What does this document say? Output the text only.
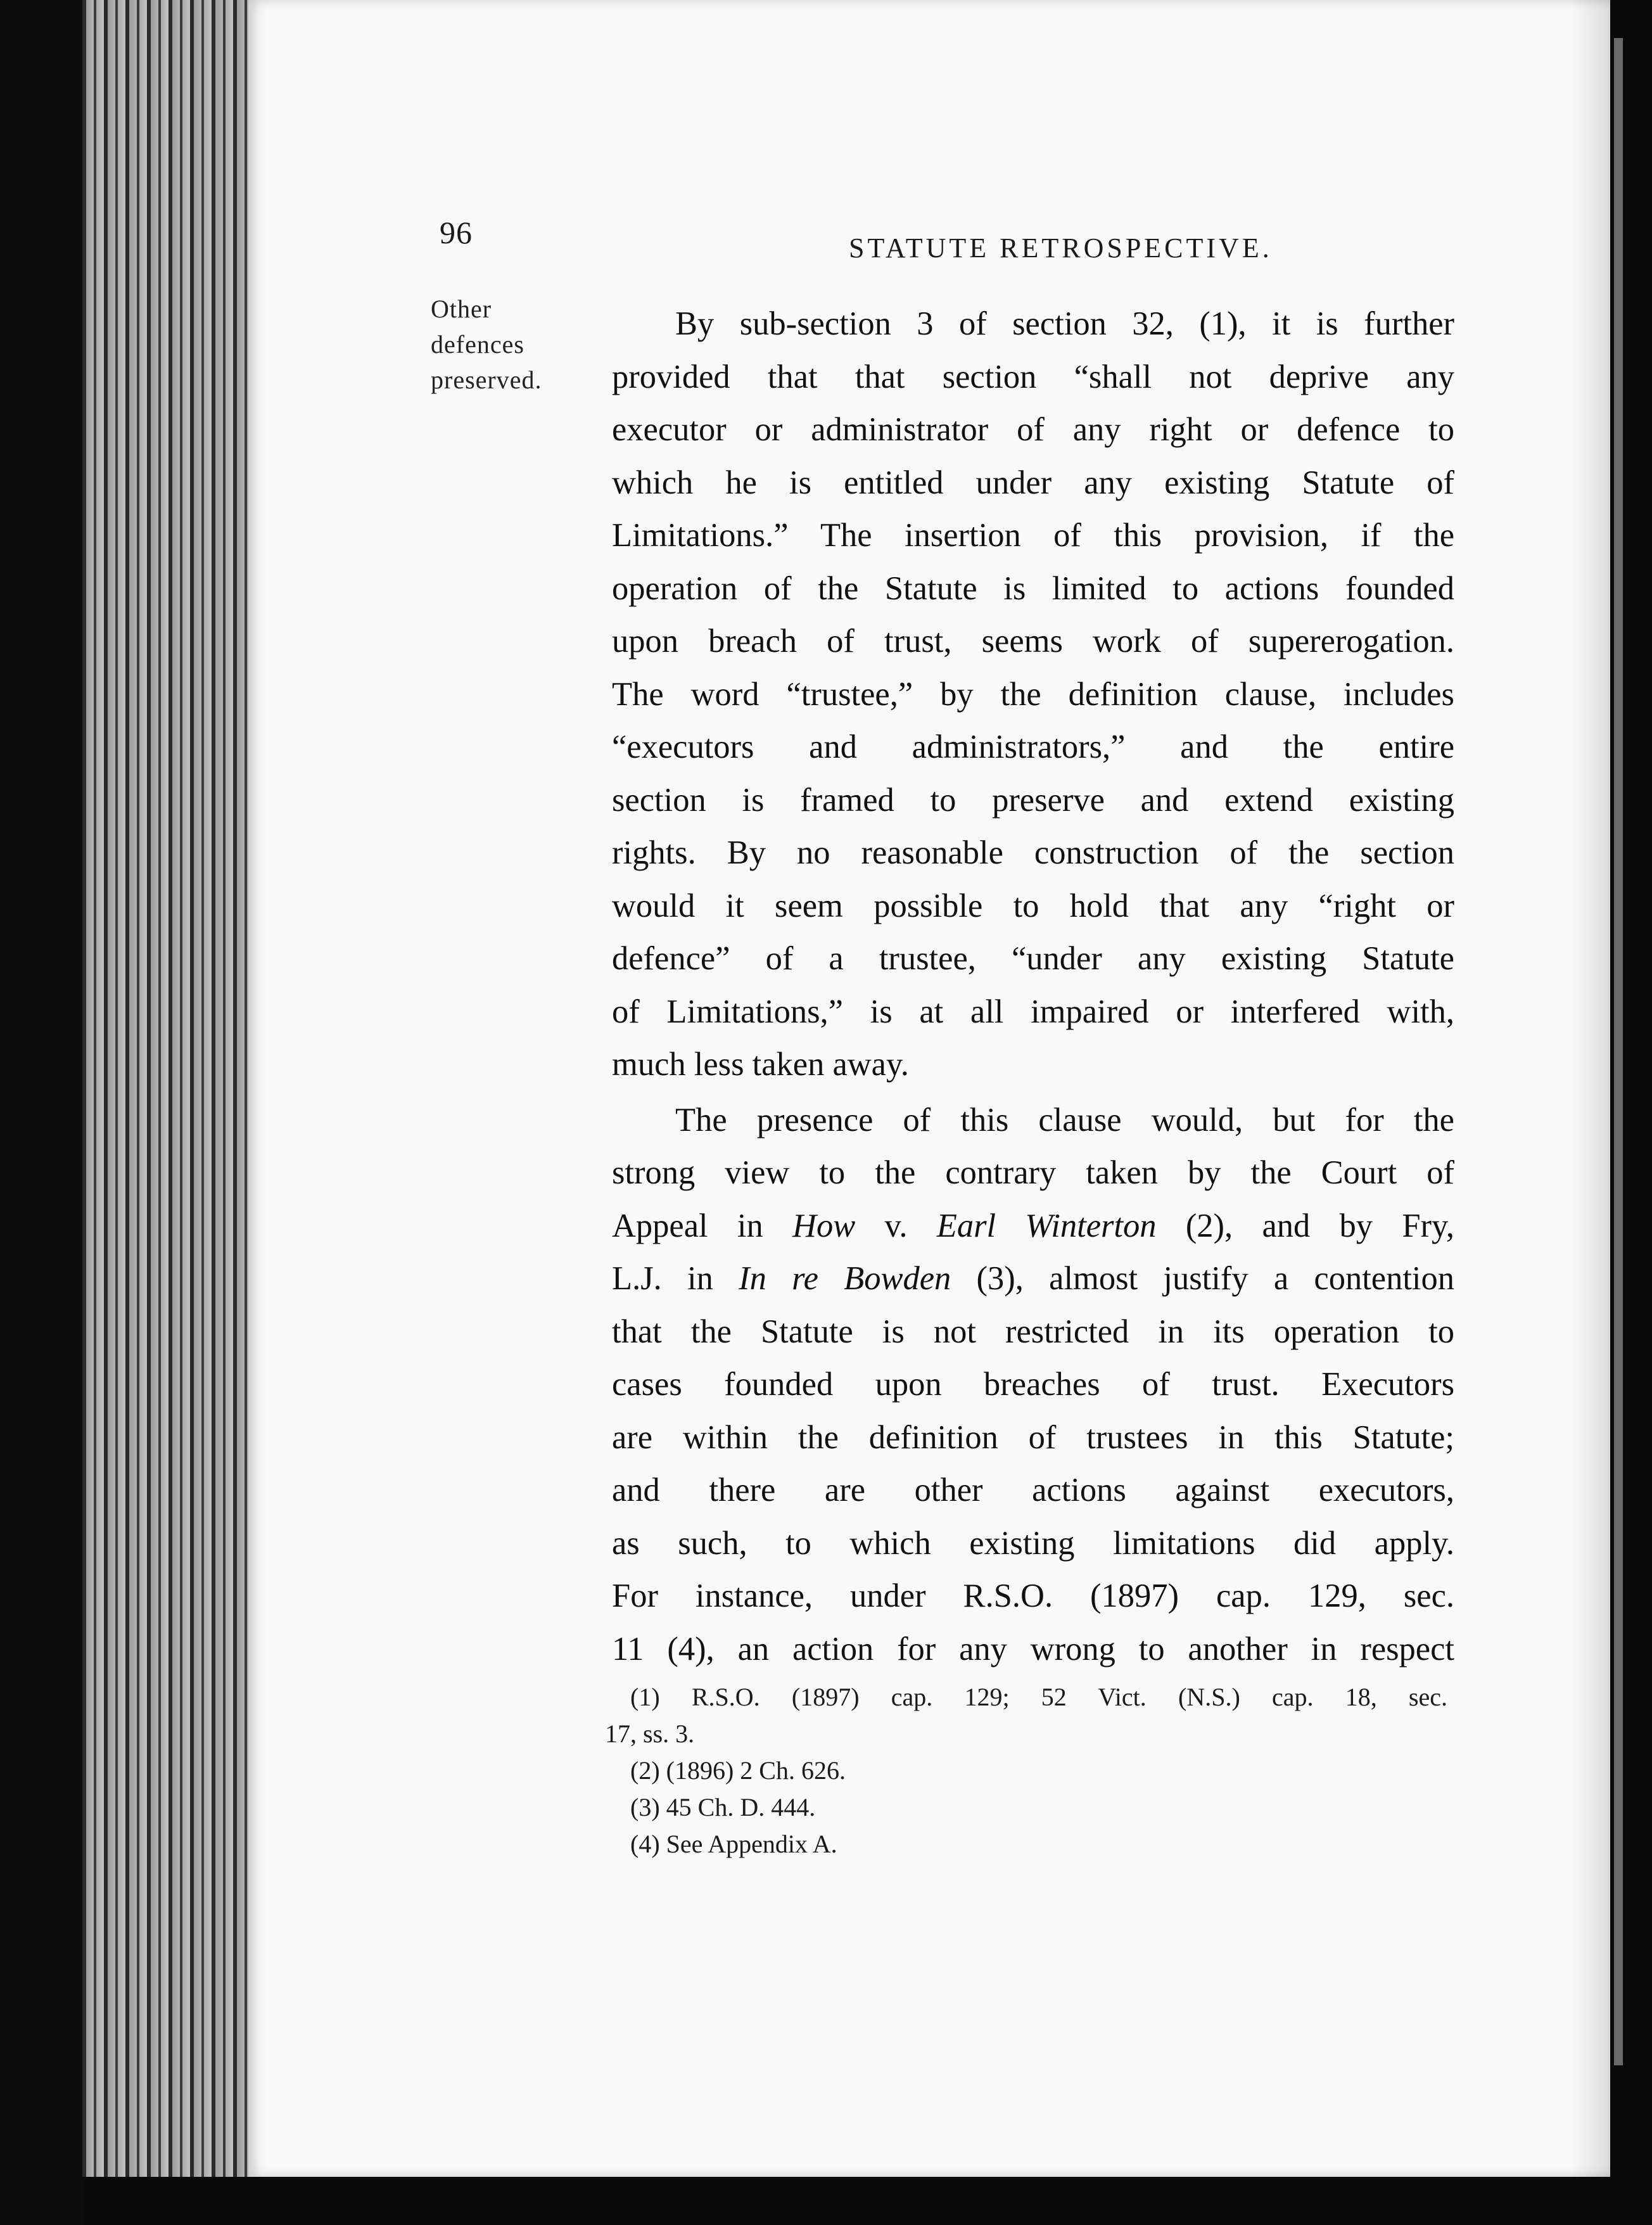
96	STATUTE RETROSPECTIVE.
Other
defences
preserved.
By sub-section 3 of section 32, (1), it is further
provided that that section “shall not deprive any
executor or administrator of any right or defence to
which he is entitled under any existing Statute of
Limitations.” The insertion of this provision, if the
operation of the Statute is limited to actions founded
upon breach of trust, seems work of supererogation.
The word “trustee,” by the definition clause, includes
“executors and administrators,” and the entire
section is framed to preserve and extend existing
rights. By no reasonable construction of the section
would it seem possible to hold that any “right or
defence” of a trustee, “under any existing Statute
of Limitations,” is at all impaired or interfered with,
much less taken away.
The presence of this clause would, but for the
strong view to the contrary taken by the Court of
Appeal in How v. Earl Winterton (2), and by Fry,
L.J. in In re Bowden (3), almost justify a contention
that the Statute is not restricted in its operation to
cases founded upon breaches of trust. Executors
are within the definition of trustees in this Statute;
and there are other actions against executors,
as such, to which existing limitations did apply.
For instance, under R.S.O. (1897) cap. 129, sec.
11 (4), an action for any wrong to another in respect
(1) R.S.O. (1897) cap. 129; 52 Vict. (N.S.) cap. 18, sec.
17, ss. 3.
(2) (1896) 2 Ch. 626.
(3) 45 Ch. D. 444.
(4) See Appendix A.
